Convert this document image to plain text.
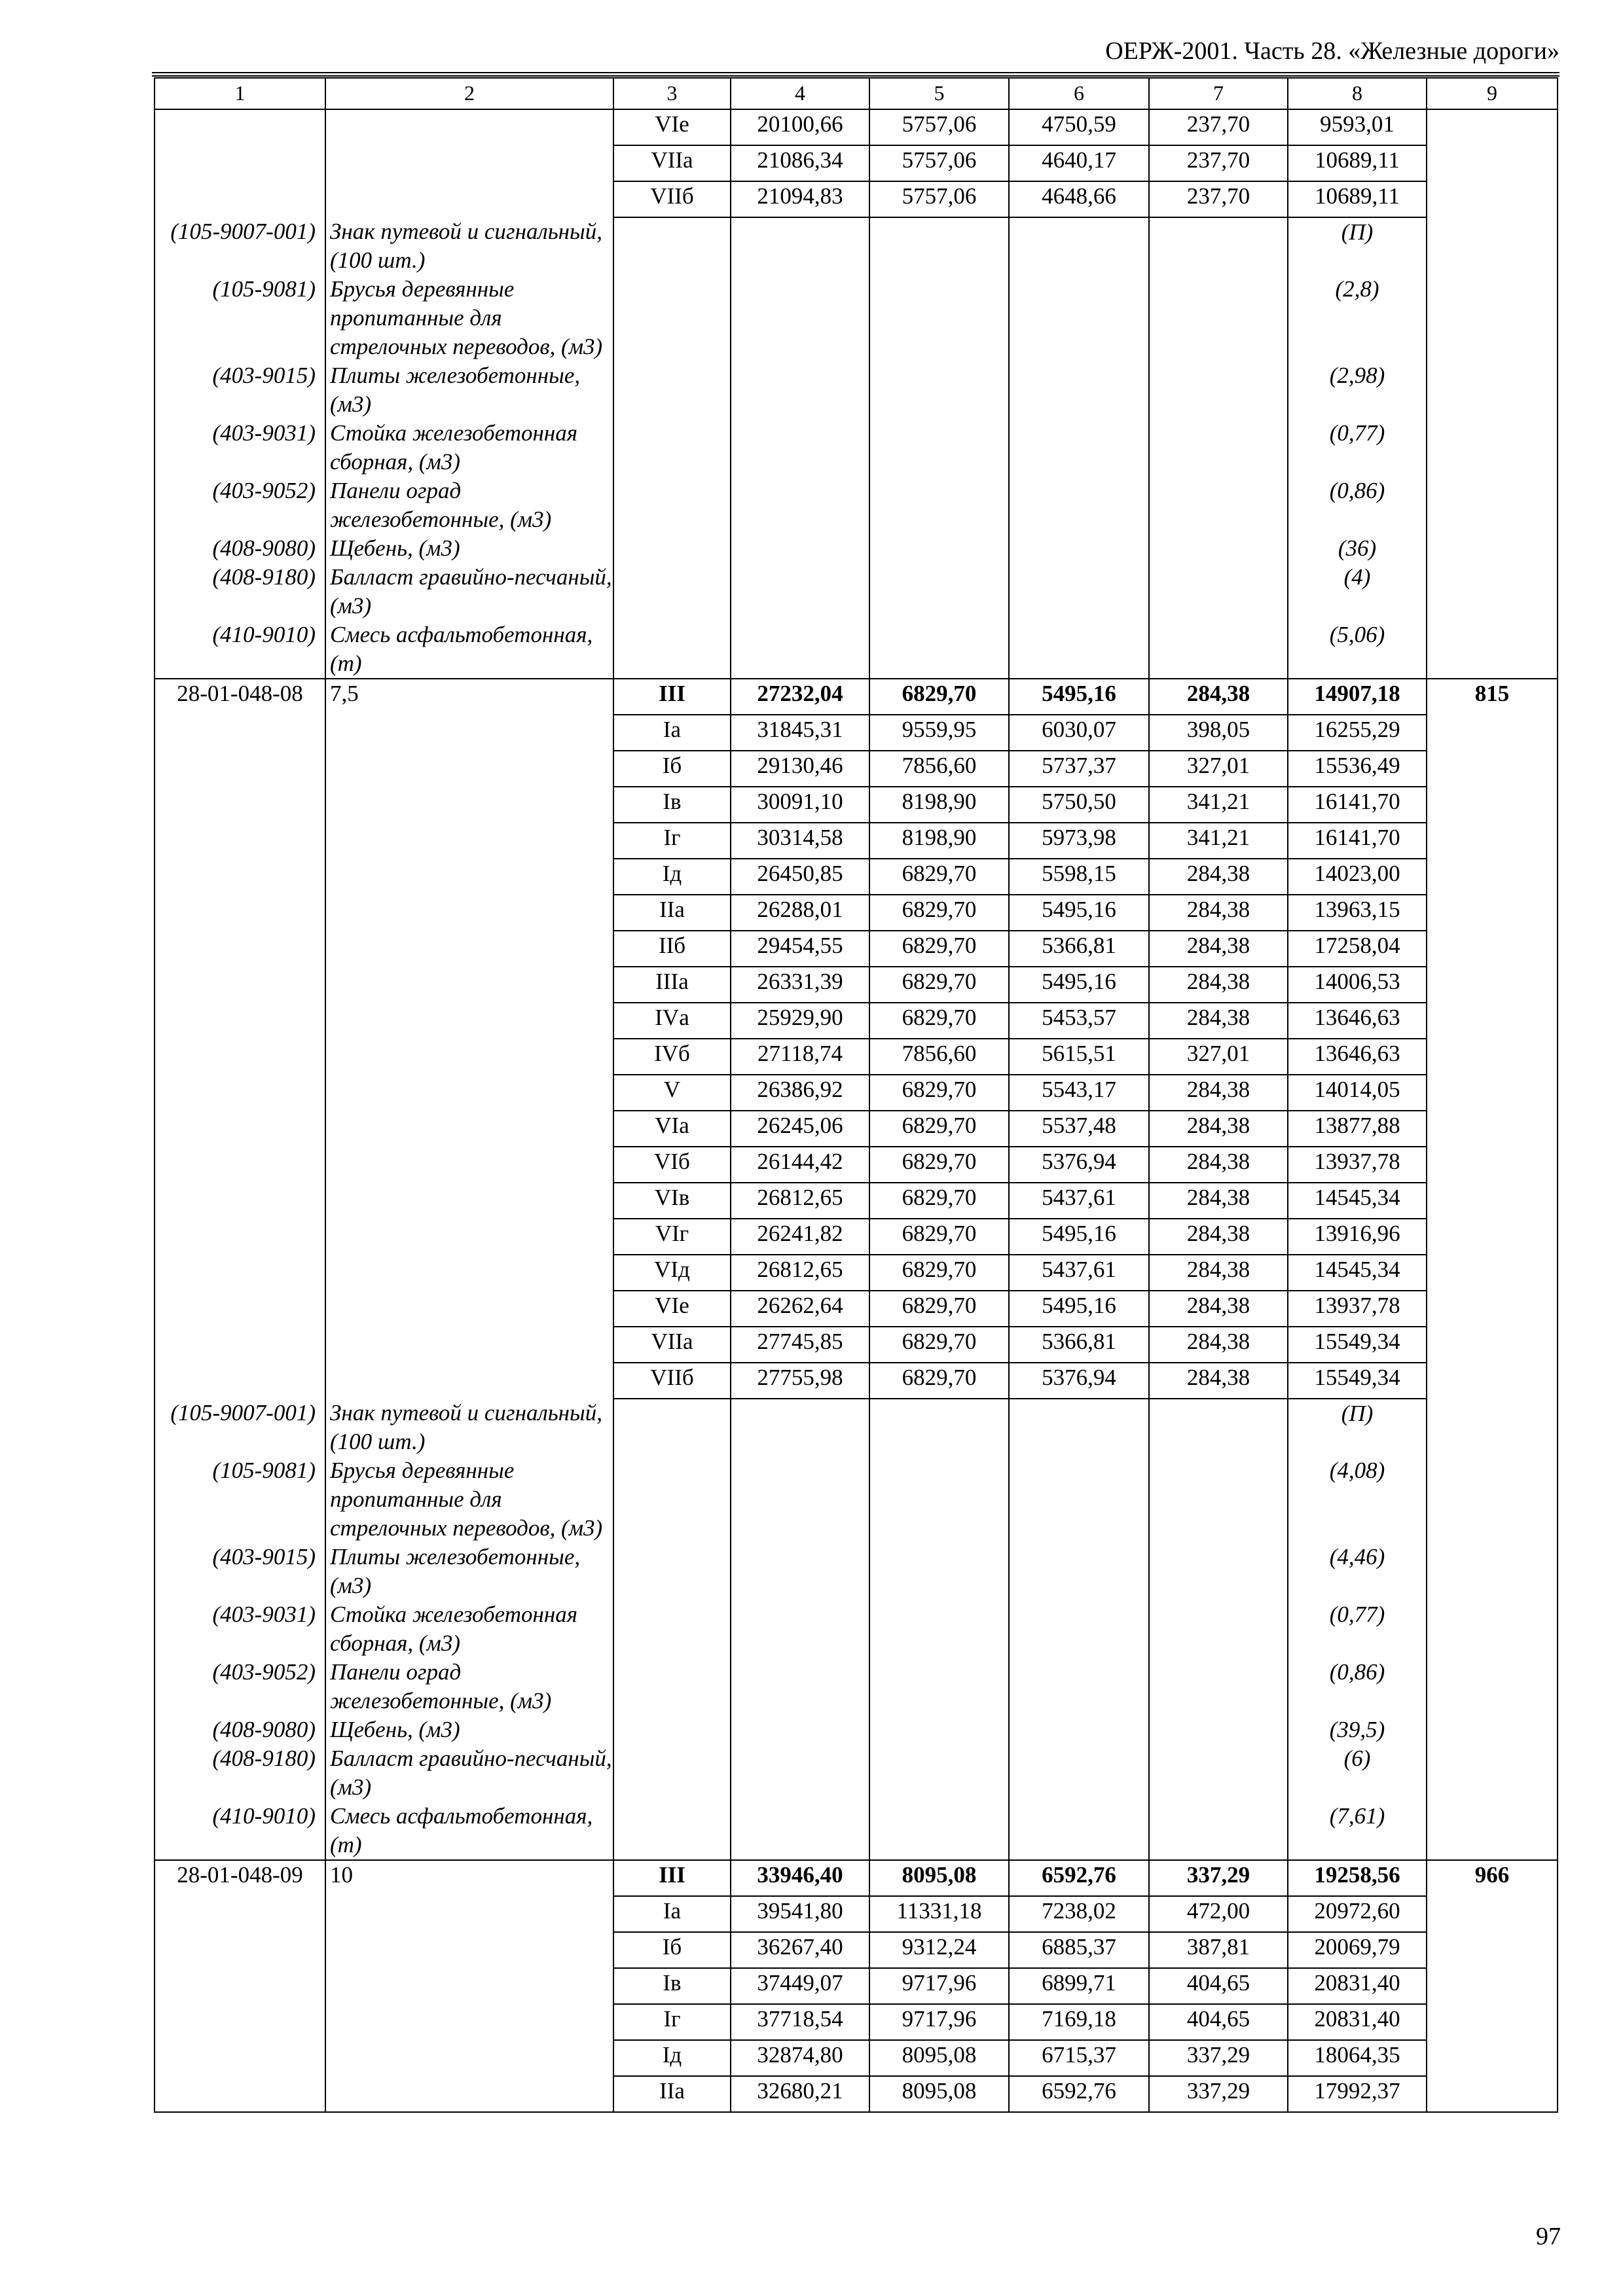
ОЕРЖ-2001. Часть 28. «Железные дороги»
1	2	3	4	5	6	7	8	9
		VIе	20100,66	5757,06	4750,59	237,70	9593,01	
		VIIа	21086,34	5757,06	4640,17	237,70	10689,11	
		VIIб	21094,83	5757,06	4648,66	237,70	10689,11	
(105-9007-001)	Знак путевой и сигнальный, (100 шт.)						(П)	
(105-9081)	Брусья деревянные пропитанные для стрелочных переводов, (м3)						(2,8)	
(403-9015)	Плиты железобетонные, (м3)						(2,98)	
(403-9031)	Стойка железобетонная сборная, (м3)						(0,77)	
(403-9052)	Панели оград железобетонные, (м3)						(0,86)	
(408-9080)	Щебень, (м3)						(36)	
(408-9180)	Балласт гравийно-песчаный, (м3)						(4)	
(410-9010)	Смесь асфальтобетонная, (т)						(5,06)	
28-01-048-08	7,5	III	27232,04	6829,70	5495,16	284,38	14907,18	815
		Iа	31845,31	9559,95	6030,07	398,05	16255,29	
		Iб	29130,46	7856,60	5737,37	327,01	15536,49	
		Iв	30091,10	8198,90	5750,50	341,21	16141,70	
		Iг	30314,58	8198,90	5973,98	341,21	16141,70	
		Iд	26450,85	6829,70	5598,15	284,38	14023,00	
		IIа	26288,01	6829,70	5495,16	284,38	13963,15	
		IIб	29454,55	6829,70	5366,81	284,38	17258,04	
		IIIа	26331,39	6829,70	5495,16	284,38	14006,53	
		IVа	25929,90	6829,70	5453,57	284,38	13646,63	
		IVб	27118,74	7856,60	5615,51	327,01	13646,63	
		V	26386,92	6829,70	5543,17	284,38	14014,05	
		VIа	26245,06	6829,70	5537,48	284,38	13877,88	
		VIб	26144,42	6829,70	5376,94	284,38	13937,78	
		VIв	26812,65	6829,70	5437,61	284,38	14545,34	
		VIг	26241,82	6829,70	5495,16	284,38	13916,96	
		VIд	26812,65	6829,70	5437,61	284,38	14545,34	
		VIе	26262,64	6829,70	5495,16	284,38	13937,78	
		VIIа	27745,85	6829,70	5366,81	284,38	15549,34	
		VIIб	27755,98	6829,70	5376,94	284,38	15549,34	
(105-9007-001)	Знак путевой и сигнальный, (100 шт.)						(П)	
(105-9081)	Брусья деревянные пропитанные для стрелочных переводов, (м3)						(4,08)	
(403-9015)	Плиты железобетонные, (м3)						(4,46)	
(403-9031)	Стойка железобетонная сборная, (м3)						(0,77)	
(403-9052)	Панели оград железобетонные, (м3)						(0,86)	
(408-9080)	Щебень, (м3)						(39,5)	
(408-9180)	Балласт гравийно-песчаный, (м3)						(6)	
(410-9010)	Смесь асфальтобетонная, (т)						(7,61)	
28-01-048-09	10	III	33946,40	8095,08	6592,76	337,29	19258,56	966
		Iа	39541,80	11331,18	7238,02	472,00	20972,60	
		Iб	36267,40	9312,24	6885,37	387,81	20069,79	
		Iв	37449,07	9717,96	6899,71	404,65	20831,40	
		Iг	37718,54	9717,96	7169,18	404,65	20831,40	
		Iд	32874,80	8095,08	6715,37	337,29	18064,35	
		IIа	32680,21	8095,08	6592,76	337,29	17992,37	
97
